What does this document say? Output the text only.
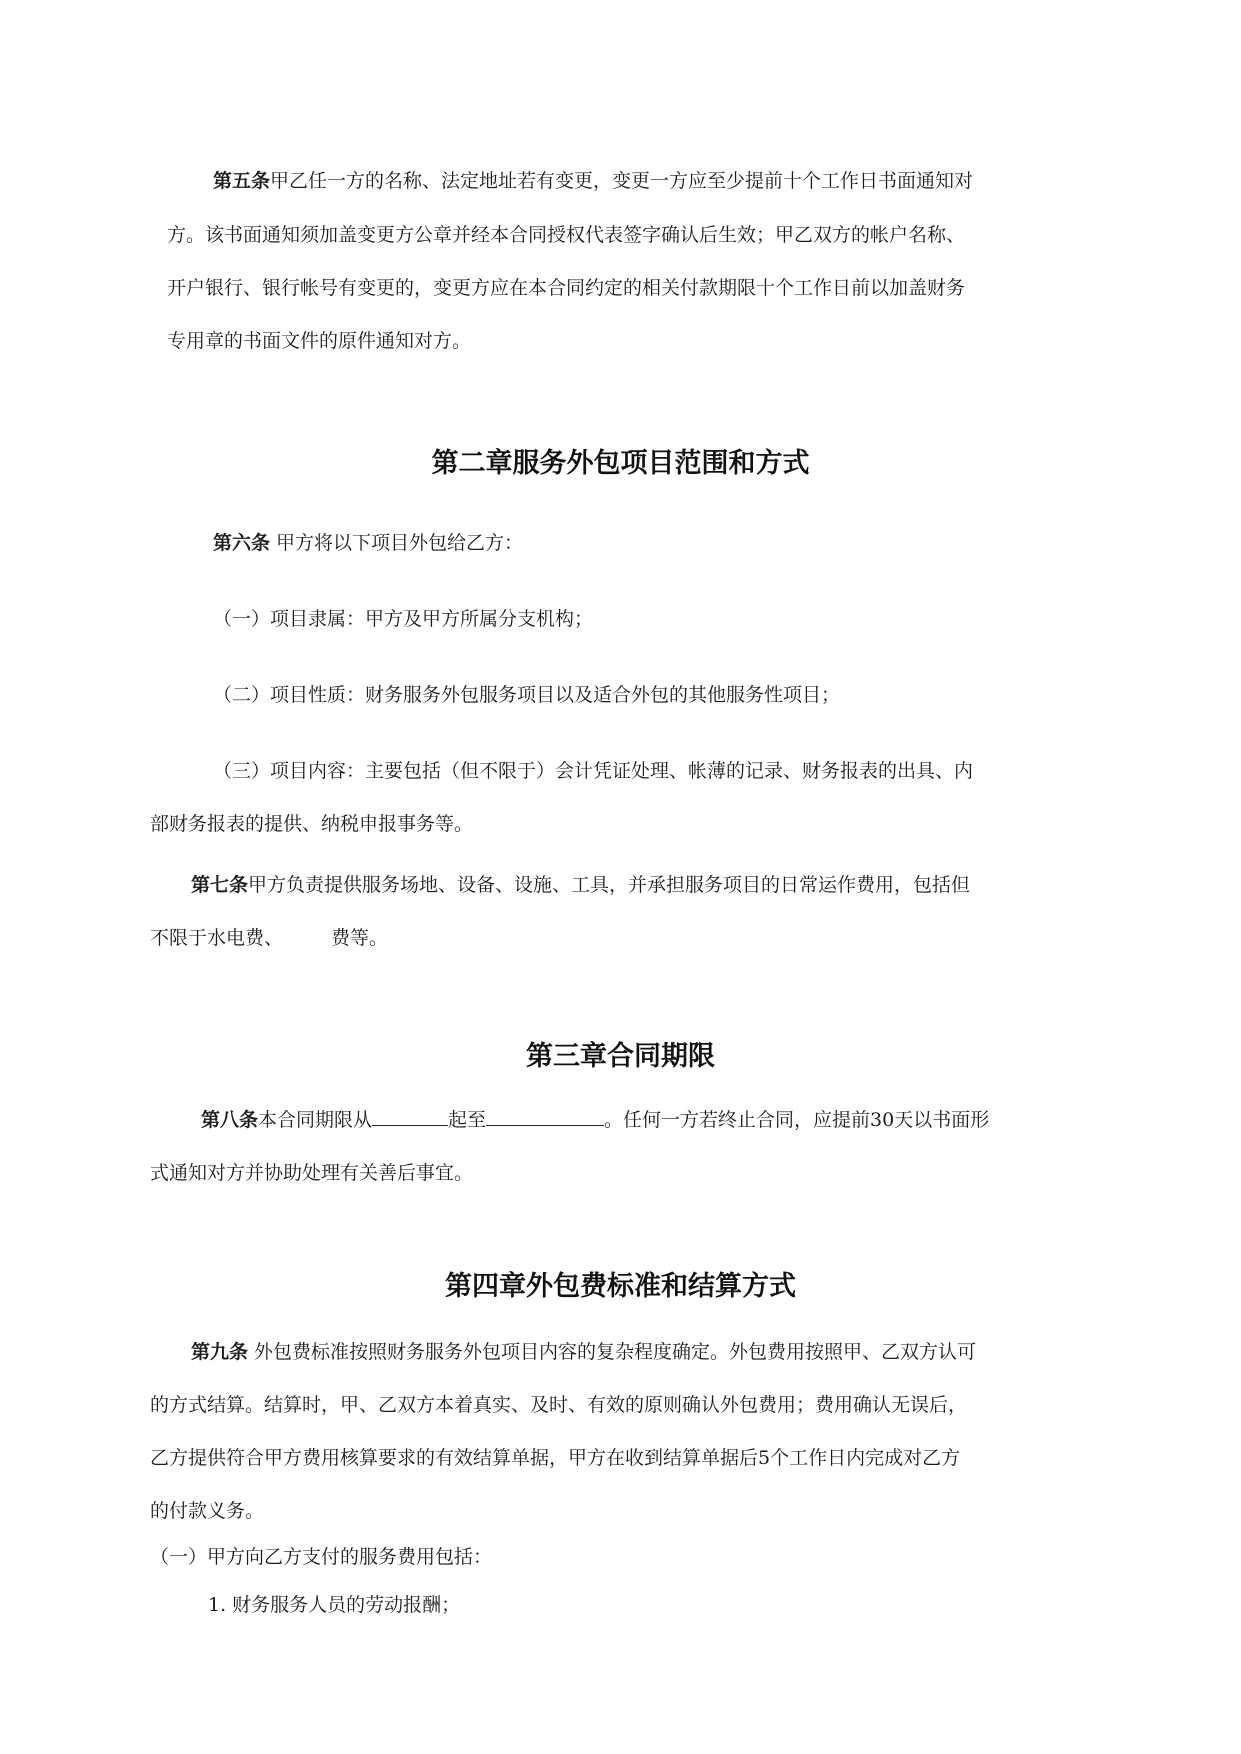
第五条甲乙任一方的名称、法定地址若有变更，变更一方应至少提前十个工作日书面通知对
方。该书面通知须加盖变更方公章并经本合同授权代表签字确认后生效；甲乙双方的帐户名称、
开户银行、银行帐号有变更的，变更方应在本合同约定的相关付款期限十个工作日前以加盖财务
专用章的书面文件的原件通知对方。
第二章服务外包项目范围和方式
第六条 甲方将以下项目外包给乙方：
（一）项目隶属：甲方及甲方所属分支机构；
（二）项目性质：财务服务外包服务项目以及适合外包的其他服务性项目；
（三）项目内容：主要包括（但不限于）会计凭证处理、帐薄的记录、财务报表的出具、内
部财务报表的提供、纳税申报事务等。
第七条甲方负责提供服务场地、设备、设施、工具，并承担服务项目的日常运作费用，包括但
不限于水电费、	费等。
第三章合同期限
第八条本合同期限从	起至	。任何一方若终止合同，应提前30天以书面形
式通知对方并协助处理有关善后事宜。
第四章外包费标准和结算方式
第九条 外包费标准按照财务服务外包项目内容的复杂程度确定。外包费用按照甲、乙双方认可
的方式结算。结算时，甲、乙双方本着真实、及时、有效的原则确认外包费用；费用确认无误后，
乙方提供符合甲方费用核算要求的有效结算单据，甲方在收到结算单据后5个工作日内完成对乙方
的付款义务。
（一）甲方向乙方支付的服务费用包括：
1. 财务服务人员的劳动报酬；
